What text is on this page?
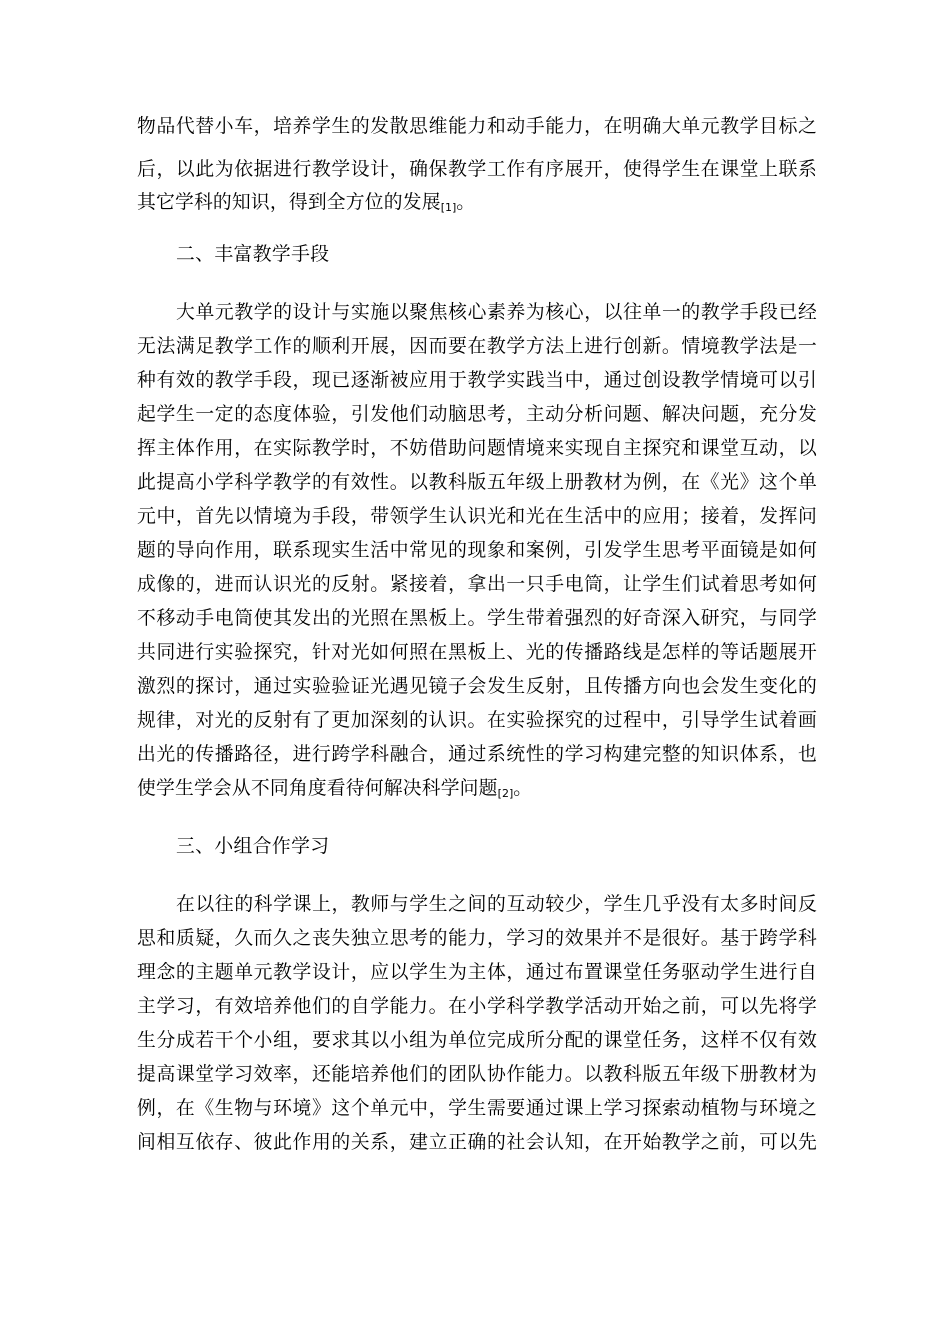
物品代替小车，培养学生的发散思维能力和动手能力，在明确大单元教学目标之
后，以此为依据进行教学设计，确保教学工作有序展开，使得学生在课堂上联系
其它学科的知识，得到全方位的发展[1]。
二、丰富教学手段
大单元教学的设计与实施以聚焦核心素养为核心，以往单一的教学手段已经
无法满足教学工作的顺利开展，因而要在教学方法上进行创新。情境教学法是一
种有效的教学手段，现已逐渐被应用于教学实践当中，通过创设教学情境可以引
起学生一定的态度体验，引发他们动脑思考，主动分析问题、解决问题，充分发
挥主体作用，在实际教学时，不妨借助问题情境来实现自主探究和课堂互动，以
此提高小学科学教学的有效性。以教科版五年级上册教材为例，在《光》这个单
元中，首先以情境为手段，带领学生认识光和光在生活中的应用；接着，发挥问
题的导向作用，联系现实生活中常见的现象和案例，引发学生思考平面镜是如何
成像的，进而认识光的反射。紧接着，拿出一只手电筒，让学生们试着思考如何
不移动手电筒使其发出的光照在黑板上。学生带着强烈的好奇深入研究，与同学
共同进行实验探究，针对光如何照在黑板上、光的传播路线是怎样的等话题展开
激烈的探讨，通过实验验证光遇见镜子会发生反射，且传播方向也会发生变化的
规律，对光的反射有了更加深刻的认识。在实验探究的过程中，引导学生试着画
出光的传播路径，进行跨学科融合，通过系统性的学习构建完整的知识体系，也
使学生学会从不同角度看待何解决科学问题[2]。
三、小组合作学习
在以往的科学课上，教师与学生之间的互动较少，学生几乎没有太多时间反
思和质疑，久而久之丧失独立思考的能力，学习的效果并不是很好。基于跨学科
理念的主题单元教学设计，应以学生为主体，通过布置课堂任务驱动学生进行自
主学习，有效培养他们的自学能力。在小学科学教学活动开始之前，可以先将学
生分成若干个小组，要求其以小组为单位完成所分配的课堂任务，这样不仅有效
提高课堂学习效率，还能培养他们的团队协作能力。以教科版五年级下册教材为
例，在《生物与环境》这个单元中，学生需要通过课上学习探索动植物与环境之
间相互依存、彼此作用的关系，建立正确的社会认知，在开始教学之前，可以先
